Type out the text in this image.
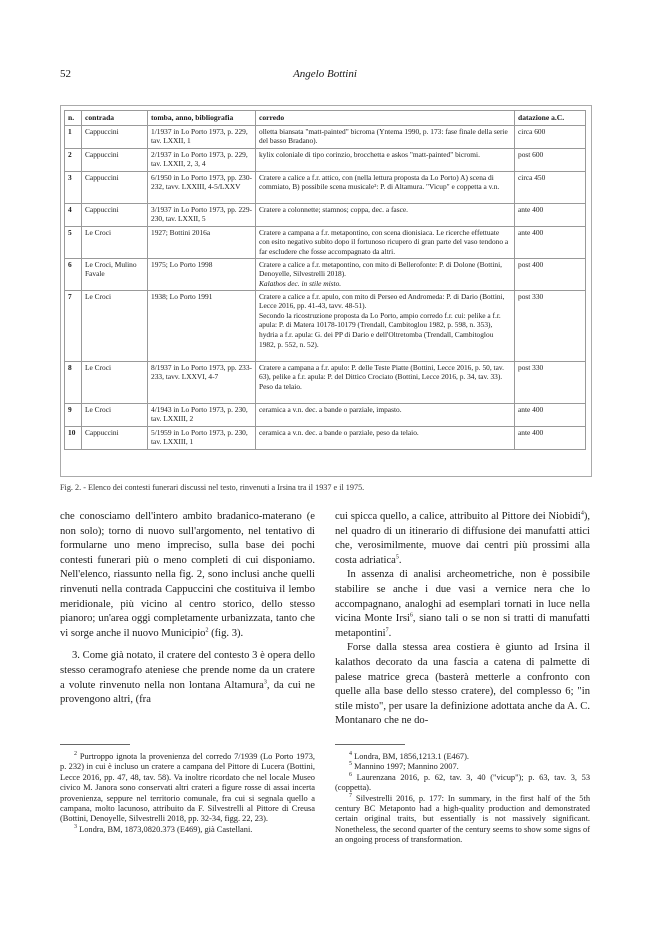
52	Angelo Bottini
n.	contrada	tomba, anno, bibliografia	corredo	datazione a.C.
1	Cappuccini	1/1937 in Lo Porto 1973, p. 229, tav. LXXII, 1	olletta biansata "matt-painted" bicroma (Yntema 1990, p. 173: fase finale della serie del basso Bradano).	circa 600
2	Cappuccini	2/1937 in Lo Porto 1973, p. 229, tav. LXXII, 2, 3, 4	kylix coloniale di tipo corinzio, brocchetta e askos "matt-painted" bicromi.	post 600
3	Cappuccini	6/1950 in Lo Porto 1973, pp. 230-232, tavv. LXXIII, 4-5/LXXV	Cratere a calice a f.r. attico, con (nella lettura proposta da Lo Porto) A) scena di commiato, B) possibile scena musicale²: P. di Altamura. "Vicup" e coppetta a v.n.	circa 450
4	Cappuccini	3/1937 in Lo Porto 1973, pp. 229-230, tav. LXXII, 5	Cratere a colonnette; stamnos; coppa, dec. a fasce.	ante 400
5	Le Croci	1927; Bottini 2016a	Cratere a campana a f.r. metapontino, con scena dionisiaca. Le ricerche effettuate con esito negativo subito dopo il fortunoso ricupero di gran parte del vaso tendono a far escludere che fosse accompagnato da altri.	ante 400
6	Le Croci, Mulino Favale	1975; Lo Porto 1998	Cratere a calice a f.r. metapontino, con mito di Bellerofonte: P. di Dolone (Bottini, Denoyelle, Silvestrelli 2018).
Kalathos dec. in stile misto.	post 400
7	Le Croci	1938; Lo Porto 1991	Cratere a calice a f.r. apulo, con mito di Perseo ed Andromeda: P. di Dario (Bottini, Lecce 2016, pp. 41-43, tavv. 48-51).
Secondo la ricostruzione proposta da Lo Porto, ampio corredo f.r. cui: pelike a f.r. apula: P. di Matera 10178-10179 (Trendall, Cambitoglou 1982, p. 598, n. 353), hydria a f.r. apula: G. dei PP di Dario e dell'Oltretomba (Trendall, Cambitoglou 1982, p. 552, n. 52).	post 330
8	Le Croci	8/1937 in Lo Porto 1973, pp. 233-233, tavv. LXXVI, 4-7	Cratere a campana a f.r. apulo: P. delle Teste Piatte (Bottini, Lecce 2016, p. 50, tav. 63), pelike a f.r. apula: P. del Dittico Crociato (Bottini, Lecce 2016, p. 34, tav. 33).
Peso da telaio.	post 330
9	Le Croci	4/1943 in Lo Porto 1973, p. 230, tav. LXXIII, 2	ceramica a v.n. dec. a bande o parziale, impasto.	ante 400
10	Cappuccini	5/1959 in Lo Porto 1973, p. 230, tav. LXXIII, 1	ceramica a v.n. dec. a bande o parziale, peso da telaio.	ante 400
Fig. 2. - Elenco dei contesti funerari discussi nel testo, rinvenuti a Irsina tra il 1937 e il 1975.

che conosciamo dell'intero ambito bradanico-materano (e non solo); torno di nuovo sull'argomento, nel tentativo di formularne uno meno impreciso, sulla base dei pochi contesti funerari più o meno completi di cui disponiamo. Nell'elenco, riassunto nella fig. 2, sono inclusi anche quelli rinvenuti nella contrada Cappuccini che costituiva il lembo meridionale, più vicino al centro storico, dello stesso pianoro; un'area oggi completamente urbanizzata, tanto che vi sorge anche il nuovo Municipio$^2$ (fig. 3).

3. Come già notato, il cratere del contesto 3 è opera dello stesso ceramografo ateniese che prende nome da un cratere a volute rinvenuto nella non lontana Altamura$^3$, da cui ne provengono altri, (fra

cui spicca quello, a calice, attribuito al Pittore dei Niobidi$^4$), nel quadro di un itinerario di diffusione dei manufatti attici che, verosimilmente, muove dai centri più prossimi alla costa adriatica$^5$.

In assenza di analisi archeometriche, non è possibile stabilire se anche i due vasi a vernice nera che lo accompagnano, analoghi ad esemplari tornati in luce nella vicina Monte Irsi$^6$, siano tali o se non si tratti di manufatti metapontini$^7$.

Forse dalla stessa area costiera è giunto ad Irsina il kalathos decorato da una fascia a catena di palmette di palese matrice greca (basterà metterle a confronto con quelle alla base dello stesso cratere), del complesso 6; "in stile misto", per usare la definizione adottata anche da A. C. Montanaro che ne do-

$^2$ Purtroppo ignota la provenienza del corredo 7/1939 (Lo Porto 1973, p. 232) in cui è incluso un cratere a campana del Pittore di Lucera (Bottini, Lecce 2016, pp. 47, 48, tav. 58). Va inoltre ricordato che nel locale Museo civico M. Janora sono conservati altri crateri a figure rosse di assai incerta provenienza, seppure nel territorio comunale, fra cui si segnala quello a campana, molto lacunoso, attribuito da F. Silvestrelli al Pittore di Creusa (Bottini, Denoyelle, Silvestrelli 2018, pp. 32-34, figg. 22, 23).

$^3$ Londra, BM, 1873,0820.373 (E469), già Castellani.

$^4$ Londra, BM, 1856,1213.1 (E467).

$^5$ Mannino 1997; Mannino 2007.

$^6$ Laurenzana 2016, p. 62, tav. 3, 40 ("vicup"); p. 63, tav. 3, 53 (coppetta).

$^7$ Silvestrelli 2016, p. 177: In summary, in the first half of the 5th century BC Metaponto had a high-quality production and demonstrated certain original traits, but essentially is not massively significant. Nonetheless, the second quarter of the century seems to show some signs of an ongoing process of transformation.
